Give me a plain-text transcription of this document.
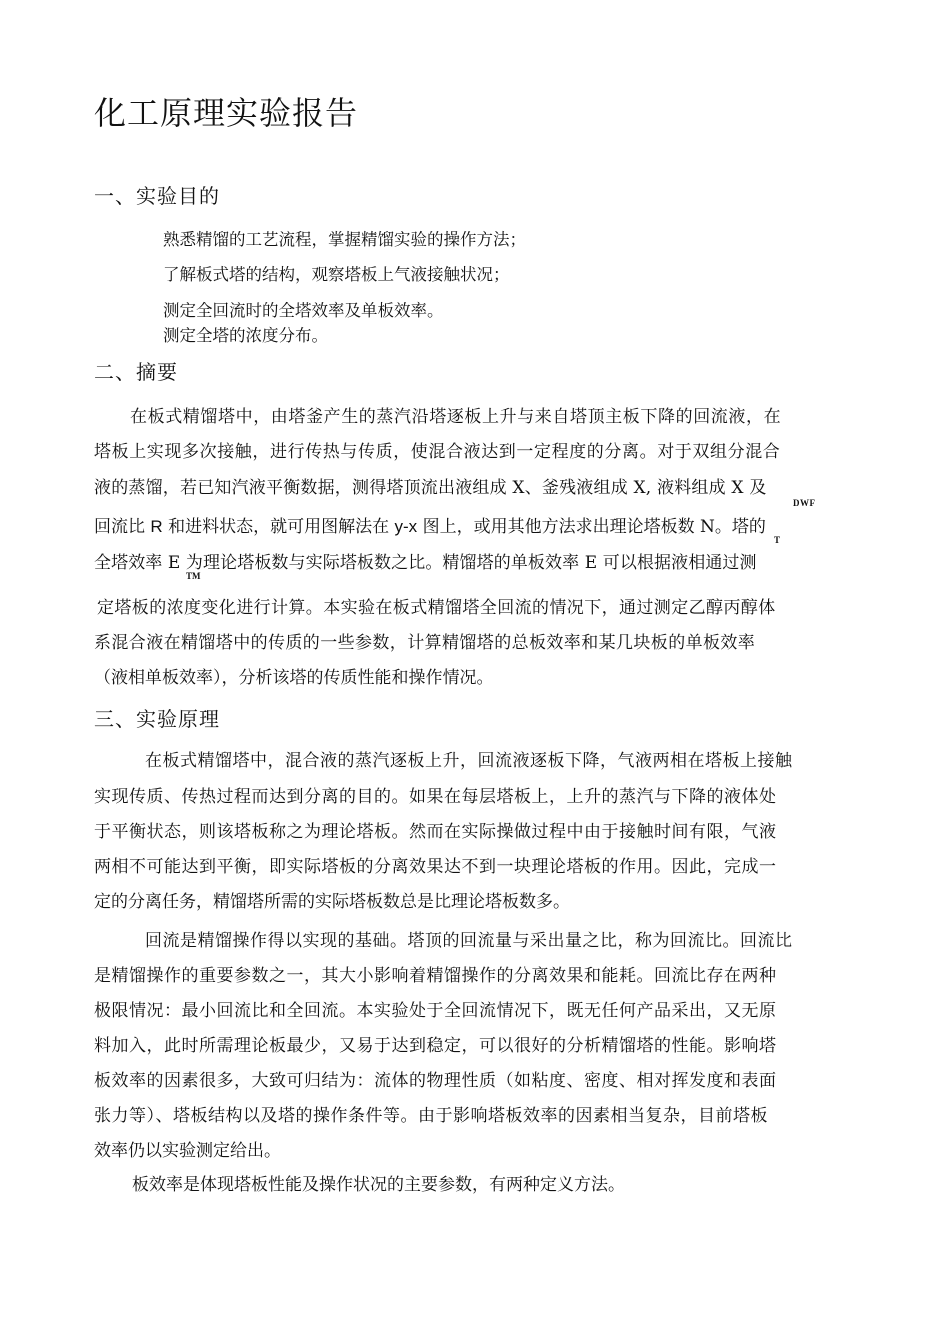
化工原理实验报告
一、实验目的
熟悉精馏的工艺流程，掌握精馏实验的操作方法；
了解板式塔的结构，观察塔板上气液接触状况；
测定全回流时的全塔效率及单板效率。
测定全塔的浓度分布。
二、摘要
在板式精馏塔中，由塔釜产生的蒸汽沿塔逐板上升与来自塔顶主板下降的回流液，在
塔板上实现多次接触，进行传热与传质，使混合液达到一定程度的分离。对于双组分混合
液的蒸馏，若已知汽液平衡数据，测得塔顶流出液组成 X、釜残液组成 X, 液料组成 X 及
DWF
回流比 R 和进料状态，就可用图解法在 y-x 图上，或用其他方法求出理论塔板数 N。塔的
T
全塔效率 E 为理论塔板数与实际塔板数之比。精馏塔的单板效率 E 可以根据液相通过测
TM
定塔板的浓度变化进行计算。本实验在板式精馏塔全回流的情况下，通过测定乙醇丙醇体
系混合液在精馏塔中的传质的一些参数，计算精馏塔的总板效率和某几块板的单板效率
（液相单板效率），分析该塔的传质性能和操作情况。
三、实验原理
在板式精馏塔中，混合液的蒸汽逐板上升，回流液逐板下降，气液两相在塔板上接触
实现传质、传热过程而达到分离的目的。如果在每层塔板上，上升的蒸汽与下降的液体处
于平衡状态，则该塔板称之为理论塔板。然而在实际操做过程中由于接触时间有限，气液
两相不可能达到平衡，即实际塔板的分离效果达不到一块理论塔板的作用。因此，完成一
定的分离任务，精馏塔所需的实际塔板数总是比理论塔板数多。
回流是精馏操作得以实现的基础。塔顶的回流量与采出量之比，称为回流比。回流比
是精馏操作的重要参数之一，其大小影响着精馏操作的分离效果和能耗。回流比存在两种
极限情况：最小回流比和全回流。本实验处于全回流情况下，既无任何产品采出，又无原
料加入，此时所需理论板最少，又易于达到稳定，可以很好的分析精馏塔的性能。影响塔
板效率的因素很多，大致可归结为：流体的物理性质（如粘度、密度、相对挥发度和表面
张力等）、塔板结构以及塔的操作条件等。由于影响塔板效率的因素相当复杂，目前塔板
效率仍以实验测定给出。
板效率是体现塔板性能及操作状况的主要参数，有两种定义方法。
